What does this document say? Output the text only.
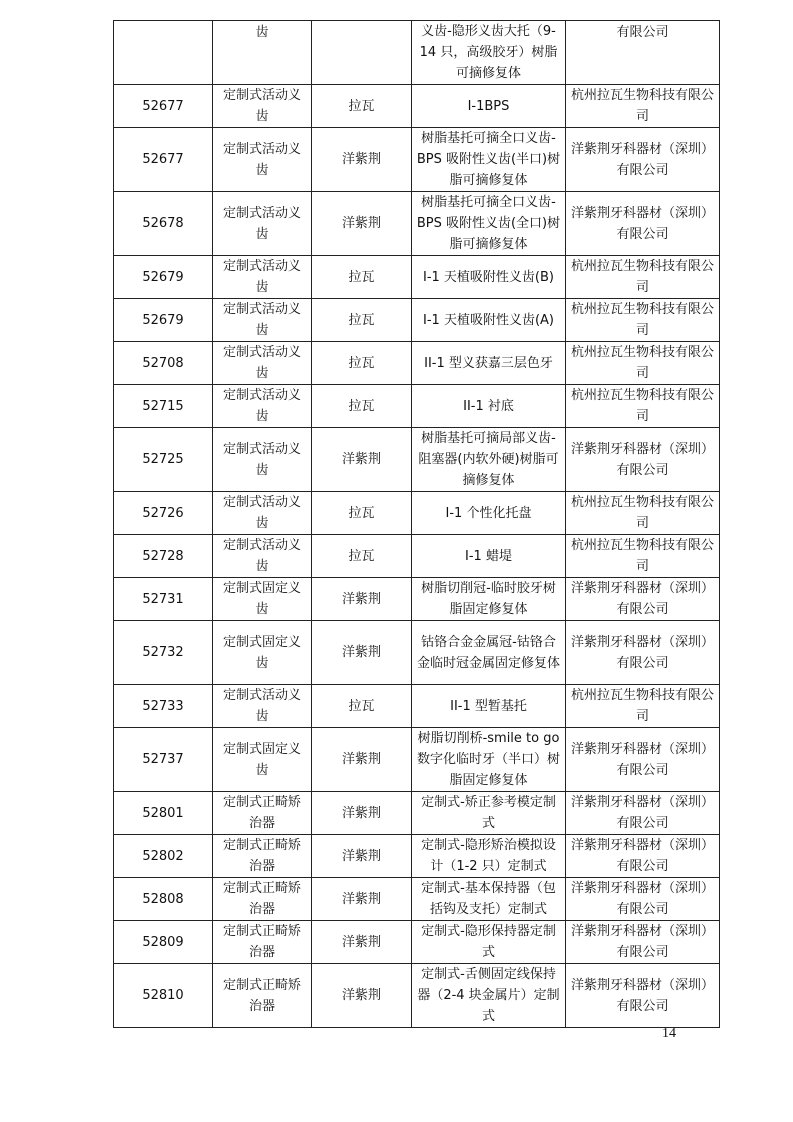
	齿		义齿-隐形义齿大托（9-14 只，高级胶牙）树脂可摘修复体	有限公司
52677	定制式活动义齿	拉瓦	I-1BPS	杭州拉瓦生物科技有限公司
52677	定制式活动义齿	洋紫荆	树脂基托可摘全口义齿-BPS 吸附性义齿(半口)树脂可摘修复体	洋紫荆牙科器材（深圳）有限公司
52678	定制式活动义齿	洋紫荆	树脂基托可摘全口义齿-BPS 吸附性义齿(全口)树脂可摘修复体	洋紫荆牙科器材（深圳）有限公司
52679	定制式活动义齿	拉瓦	I-1 天植吸附性义齿(B)	杭州拉瓦生物科技有限公司
52679	定制式活动义齿	拉瓦	I-1 天植吸附性义齿(A)	杭州拉瓦生物科技有限公司
52708	定制式活动义齿	拉瓦	II-1 型义获嘉三层色牙	杭州拉瓦生物科技有限公司
52715	定制式活动义齿	拉瓦	II-1 衬底	杭州拉瓦生物科技有限公司
52725	定制式活动义齿	洋紫荆	树脂基托可摘局部义齿-阻塞器(内软外硬)树脂可摘修复体	洋紫荆牙科器材（深圳）有限公司
52726	定制式活动义齿	拉瓦	I-1 个性化托盘	杭州拉瓦生物科技有限公司
52728	定制式活动义齿	拉瓦	I-1 蜡堤	杭州拉瓦生物科技有限公司
52731	定制式固定义齿	洋紫荆	树脂切削冠-临时胶牙树脂固定修复体	洋紫荆牙科器材（深圳）有限公司
52732	定制式固定义齿	洋紫荆	钴铬合金金属冠-钴铬合金临时冠金属固定修复体	洋紫荆牙科器材（深圳）有限公司
52733	定制式活动义齿	拉瓦	II-1 型暂基托	杭州拉瓦生物科技有限公司
52737	定制式固定义齿	洋紫荆	树脂切削桥-smile to go 数字化临时牙（半口）树脂固定修复体	洋紫荆牙科器材（深圳）有限公司
52801	定制式正畸矫治器	洋紫荆	定制式-矫正参考模定制式	洋紫荆牙科器材（深圳）有限公司
52802	定制式正畸矫治器	洋紫荆	定制式-隐形矫治模拟设计（1-2 只）定制式	洋紫荆牙科器材（深圳）有限公司
52808	定制式正畸矫治器	洋紫荆	定制式-基本保持器（包括钩及支托）定制式	洋紫荆牙科器材（深圳）有限公司
52809	定制式正畸矫治器	洋紫荆	定制式-隐形保持器定制式	洋紫荆牙科器材（深圳）有限公司
52810	定制式正畸矫治器	洋紫荆	定制式-舌侧固定线保持器（2-4 块金属片）定制式	洋紫荆牙科器材（深圳）有限公司
14
